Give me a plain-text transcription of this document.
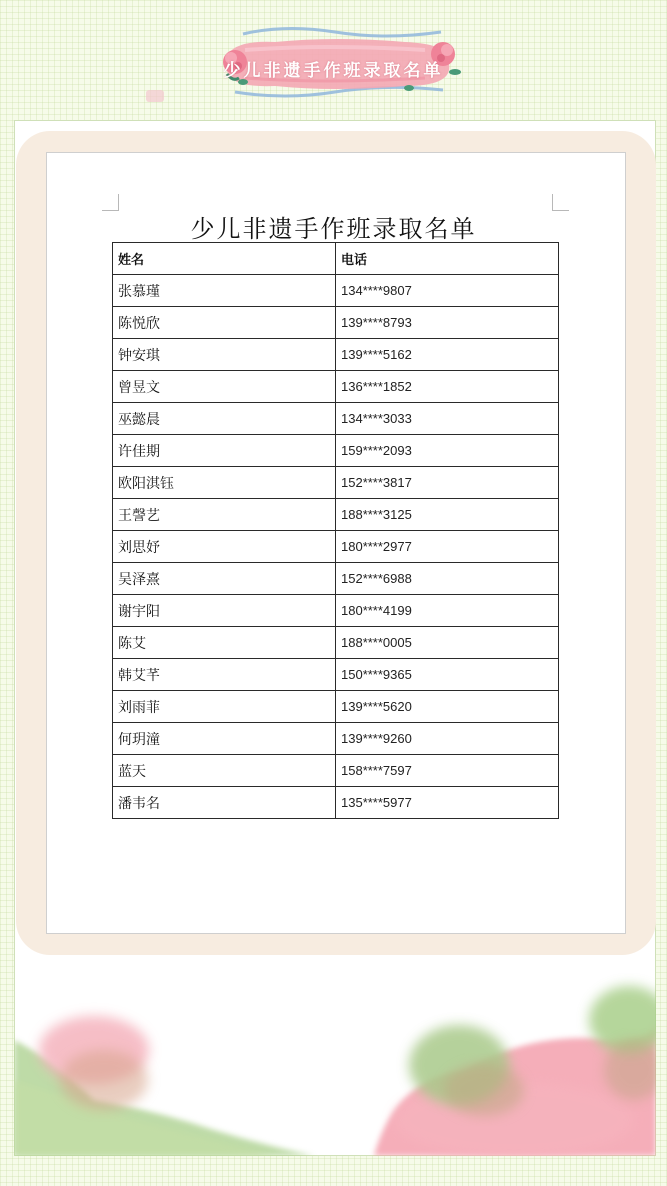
少儿非遗手作班录取名单
少儿非遗手作班录取名单
姓名	电话
张慕瑾	134****9807
陈悦欣	139****8793
钟安琪	139****5162
曾昱文	136****1852
巫懿晨	134****3033
许佳期	159****2093
欧阳淇钰	152****3817
王謦艺	188****3125
刘思妤	180****2977
吴泽熹	152****6988
谢宇阳	180****4199
陈艾	188****0005
韩艾芊	150****9365
刘雨菲	139****5620
何玥潼	139****9260
蓝天	158****7597
潘韦名	135****5977
